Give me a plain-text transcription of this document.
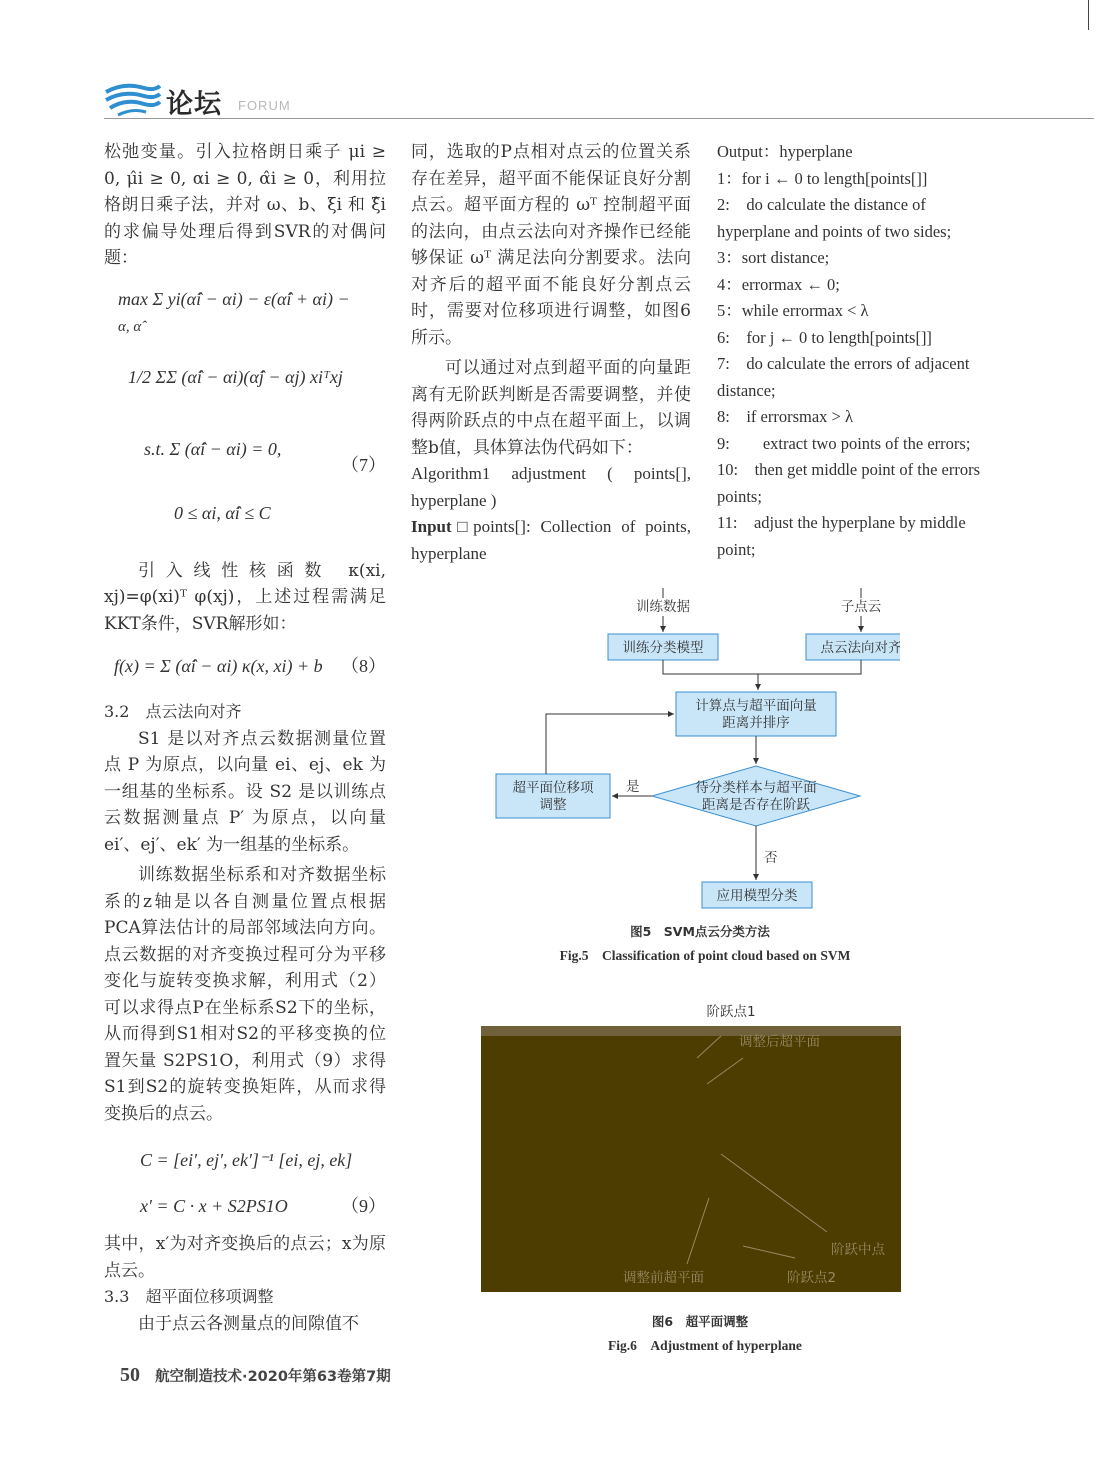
论坛 FORUM

松弛变量。引入拉格朗日乘子 μi ≥ 0, μ̂i ≥ 0, αi ≥ 0, α̂i ≥ 0，利用拉格朗日乘子法，并对 ω、b、ξi 和 ξ̂i 的求偏导处理后得到SVR的对偶问题：

max Σ yi(α̂i − αi) − ε(α̂i + αi) −
α, α̂
1/2 ΣΣ (α̂i − αi)(α̂j − αj) xiᵀxj
s.t. Σ (α̂i − αi) = 0,
（7）
0 ≤ αi, α̂i ≤ C

引入线性核函数 κ(xi, xj)=φ(xi)ᵀ φ(xj)，上述过程需满足KKT条件，SVR解形如：

f(x) = Σ (α̂i − αi) κ(x, xi) + b （8）

3.2　点云法向对齐

S1 是以对齐点云数据测量位置点 P 为原点，以向量 ei、ej、ek 为一组基的坐标系。设 S2 是以训练点云数据测量点 P′ 为原点，以向量 ei′、ej′、ek′ 为一组基的坐标系。

训练数据坐标系和对齐数据坐标系的z轴是以各自测量位置点根据PCA算法估计的局部邻域法向方向。点云数据的对齐变换过程可分为平移变化与旋转变换求解，利用式（2）可以求得点P在坐标系S2下的坐标，从而得到S1相对S2的平移变换的位置矢量 S2PS1O，利用式（9）求得S1到S2的旋转变换矩阵，从而求得变换后的点云。

C = [ei′, ej′, ek′]⁻¹ [ei, ej, ek]
x′ = C · x + S2PS1O	（9）

其中，x′为对齐变换后的点云；x为原点云。

3.3　超平面位移项调整

由于点云各测量点的间隙值不

同，选取的P点相对点云的位置关系存在差异，超平面不能保证良好分割点云。超平面方程的 ωᵀ 控制超平面的法向，由点云法向对齐操作已经能够保证 ωᵀ 满足法向分割要求。法向对齐后的超平面不能良好分割点云时，需要对位移项进行调整，如图6所示。

可以通过对点到超平面的向量距离有无阶跃判断是否需要调整，并使得两阶跃点的中点在超平面上，以调整b值，具体算法伪代码如下：

Algorithm1 adjustment ( points[], hyperplane )

Input□points[]: Collection of points, hyperplane

Output：hyperplane

1：for i ← 0 to length[points[]]

2:　do calculate the distance of hyperplane and points of two sides;

3：sort distance;

4：errormax ← 0;

5：while errormax < λ

6:　for j ← 0 to length[points[]]

7:　do calculate the errors of adjacent distance;

8:　if errorsmax > λ

9:　　extract two points of the errors;

10:　then get middle point of the errors points;

11:　adjust the hyperplane by middle point;

训练数据	子点云
训练分类模型	点云法向对齐
计算点与超平面向量
距离并排序
待分类样本与超平面
距离是否存在阶跃
是
超平面位移项
调整
否
应用模型分类
图5　SVM点云分类方法
Fig.5　Classification of point cloud based on SVM
阶跃点1
调整后超平面
阶跃中点
调整前超平面	阶跃点2
图6　超平面调整
Fig.6　Adjustment of hyperplane
50 航空制造技术·2020年第63卷第7期
